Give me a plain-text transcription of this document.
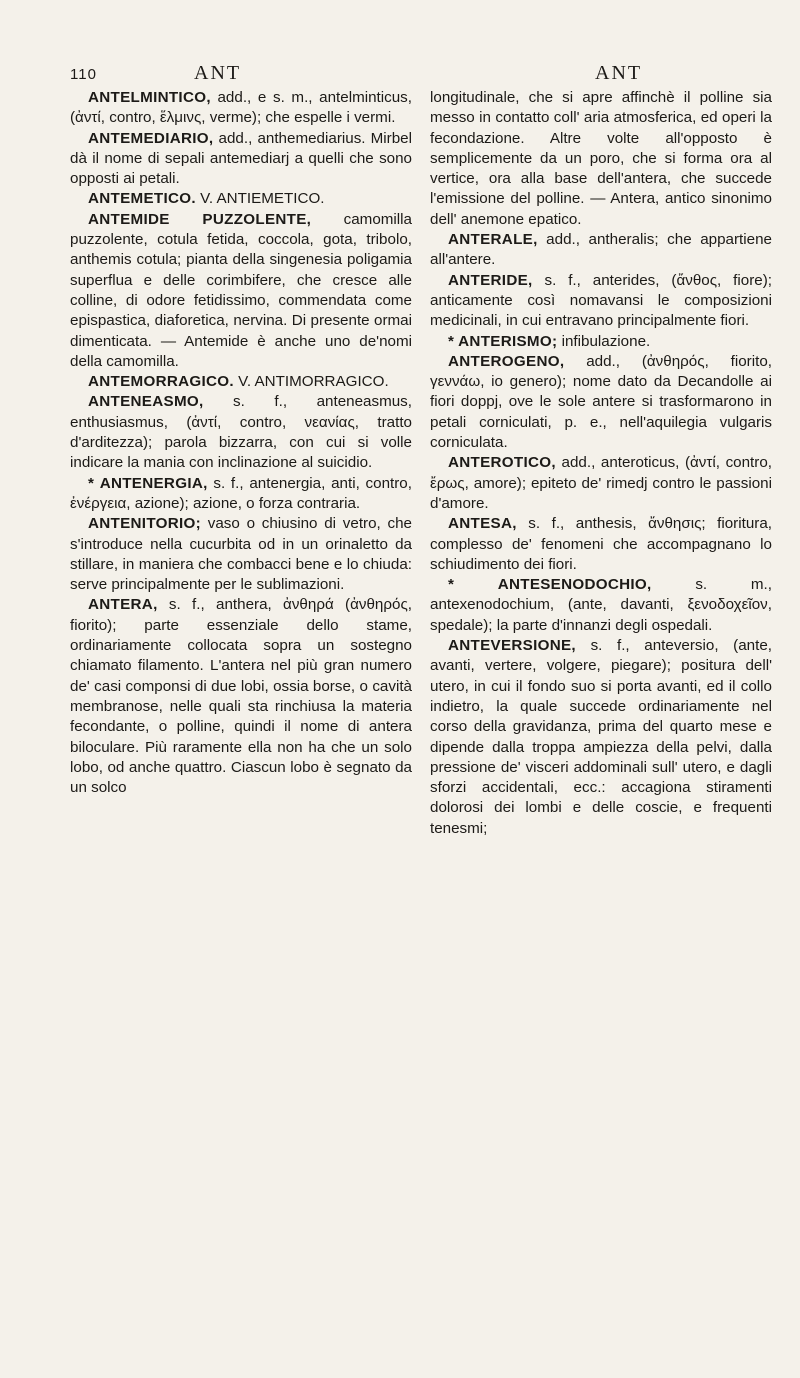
110	ANT	ANT

ANTELMINTICO, add., e s. m., antelminticus, (ἀντί, contro, ἕλμινς, verme); che espelle i vermi.

ANTEMEDIARIO, add., anthemediarius. Mirbel dà il nome di sepali antemediarj a quelli che sono opposti ai petali.

ANTEMETICO. V. ANTIEMETICO.

ANTEMIDE PUZZOLENTE, camomilla puzzolente, cotula fetida, coccola, gota, tribolo, anthemis cotula; pianta della singenesia poligamia superflua e delle corimbifere, che cresce alle colline, di odore fetidissimo, commendata come epispastica, diaforetica, nervina. Di presente ormai dimenticata. — Antemide è anche uno de'nomi della camomilla.

ANTEMORRAGICO. V. ANTIMORRAGICO.

ANTENEASMO, s. f., anteneasmus, enthusiasmus, (ἀντί, contro, νεανίας, tratto d'arditezza); parola bizzarra, con cui si volle indicare la mania con inclinazione al suicidio.

* ANTENERGIA, s. f., antenergia, anti, contro, ἐνέργεια, azione); azione, o forza contraria.

ANTENITORIO; vaso o chiusino di vetro, che s'introduce nella cucurbita od in un orinaletto da stillare, in maniera che combacci bene e lo chiuda: serve principalmente per le sublimazioni.

ANTERA, s. f., anthera, ἀνθηρά (ἀνθηρός, fiorito); parte essenziale dello stame, ordinariamente collocata sopra un sostegno chiamato filamento. L'antera nel più gran numero de' casi componsi di due lobi, ossia borse, o cavità membranose, nelle quali sta rinchiusa la materia fecondante, o polline, quindi il nome di antera biloculare. Più raramente ella non ha che un solo lobo, od anche quattro. Ciascun lobo è segnato da un solco

longitudinale, che si apre affinchè il polline sia messo in contatto coll' aria atmosferica, ed operi la fecondazione. Altre volte all'opposto è semplicemente da un poro, che si forma ora al vertice, ora alla base dell'antera, che succede l'emissione del polline. — Antera, antico sinonimo dell' anemone epatico.

ANTERALE, add., antheralis; che appartiene all'antere.

ANTERIDE, s. f., anterides, (ἄνθος, fiore); anticamente così nomavansi le composizioni medicinali, in cui entravano principalmente fiori.

* ANTERISMO; infibulazione.

ANTEROGENO, add., (ἀνθηρός, fiorito, γεννάω, io genero); nome dato da Decandolle ai fiori doppj, ove le sole antere si trasformarono in petali corniculati, p. e., nell'aquilegia vulgaris corniculata.

ANTEROTICO, add., anteroticus, (ἀντί, contro, ἔρως, amore); epiteto de' rimedj contro le passioni d'amore.

ANTESA, s. f., anthesis, ἄνθησις; fioritura, complesso de' fenomeni che accompagnano lo schiudimento dei fiori.

* ANTESENODOCHIO, s. m., antexenodochium, (ante, davanti, ξενοδοχεῖον, spedale); la parte d'innanzi degli ospedali.

ANTEVERSIONE, s. f., anteversio, (ante, avanti, vertere, volgere, piegare); positura dell' utero, in cui il fondo suo si porta avanti, ed il collo indietro, la quale succede ordinariamente nel corso della gravidanza, prima del quarto mese e dipende dalla troppa ampiezza della pelvi, dalla pressione de' visceri addominali sull' utero, e dagli sforzi accidentali, ecc.: accagiona stiramenti dolorosi dei lombi e delle coscie, e frequenti tenesmi;
